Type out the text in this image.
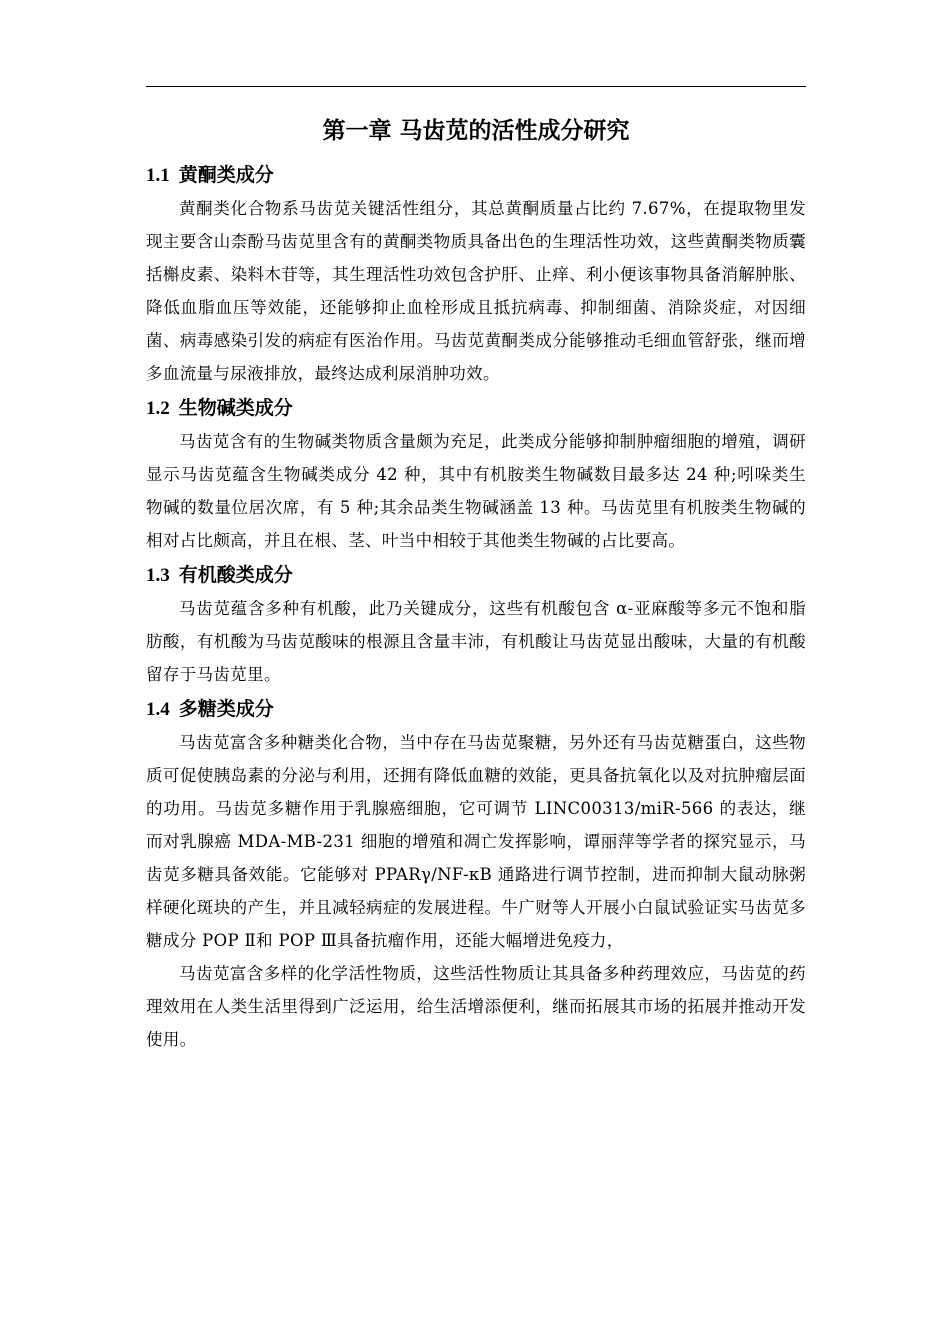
第一章 马齿苋的活性成分研究
1.1 黄酮类成分

黄酮类化合物系马齿苋关键活性组分，其总黄酮质量占比约 7.67%，在提取物里发现主要含山柰酚马齿苋里含有的黄酮类物质具备出色的生理活性功效，这些黄酮类物质囊括槲皮素、染料木苷等，其生理活性功效包含护肝、止痒、利小便该事物具备消解肿胀、降低血脂血压等效能，还能够抑止血栓形成且抵抗病毒、抑制细菌、消除炎症，对因细菌、病毒感染引发的病症有医治作用。马齿苋黄酮类成分能够推动毛细血管舒张，继而增多血流量与尿液排放，最终达成利尿消肿功效。

1.2 生物碱类成分

马齿苋含有的生物碱类物质含量颇为充足，此类成分能够抑制肿瘤细胞的增殖，调研显示马齿苋蕴含生物碱类成分 42 种，其中有机胺类生物碱数目最多达 24 种;吲哚类生物碱的数量位居次席，有 5 种;其余品类生物碱涵盖 13 种。马齿苋里有机胺类生物碱的相对占比颇高，并且在根、茎、叶当中相较于其他类生物碱的占比要高。

1.3 有机酸类成分

马齿苋蕴含多种有机酸，此乃关键成分，这些有机酸包含 α-亚麻酸等多元不饱和脂肪酸，有机酸为马齿苋酸味的根源且含量丰沛，有机酸让马齿苋显出酸味，大量的有机酸留存于马齿苋里。

1.4 多糖类成分

马齿苋富含多种糖类化合物，当中存在马齿苋聚糖，另外还有马齿苋糖蛋白，这些物质可促使胰岛素的分泌与利用，还拥有降低血糖的效能，更具备抗氧化以及对抗肿瘤层面的功用。马齿苋多糖作用于乳腺癌细胞，它可调节 LINC00313/miR-566 的表达，继而对乳腺癌 MDA-MB-231 细胞的增殖和凋亡发挥影响，谭丽萍等学者的探究显示，马齿苋多糖具备效能。它能够对 PPARγ/NF-κB 通路进行调节控制，进而抑制大鼠动脉粥样硬化斑块的产生，并且减轻病症的发展进程。牛广财等人开展小白鼠试验证实马齿苋多糖成分 POP Ⅱ和 POP Ⅲ具备抗瘤作用，还能大幅增进免疫力，

马齿苋富含多样的化学活性物质，这些活性物质让其具备多种药理效应，马齿苋的药理效用在人类生活里得到广泛运用，给生活增添便利，继而拓展其市场的拓展并推动开发使用。
